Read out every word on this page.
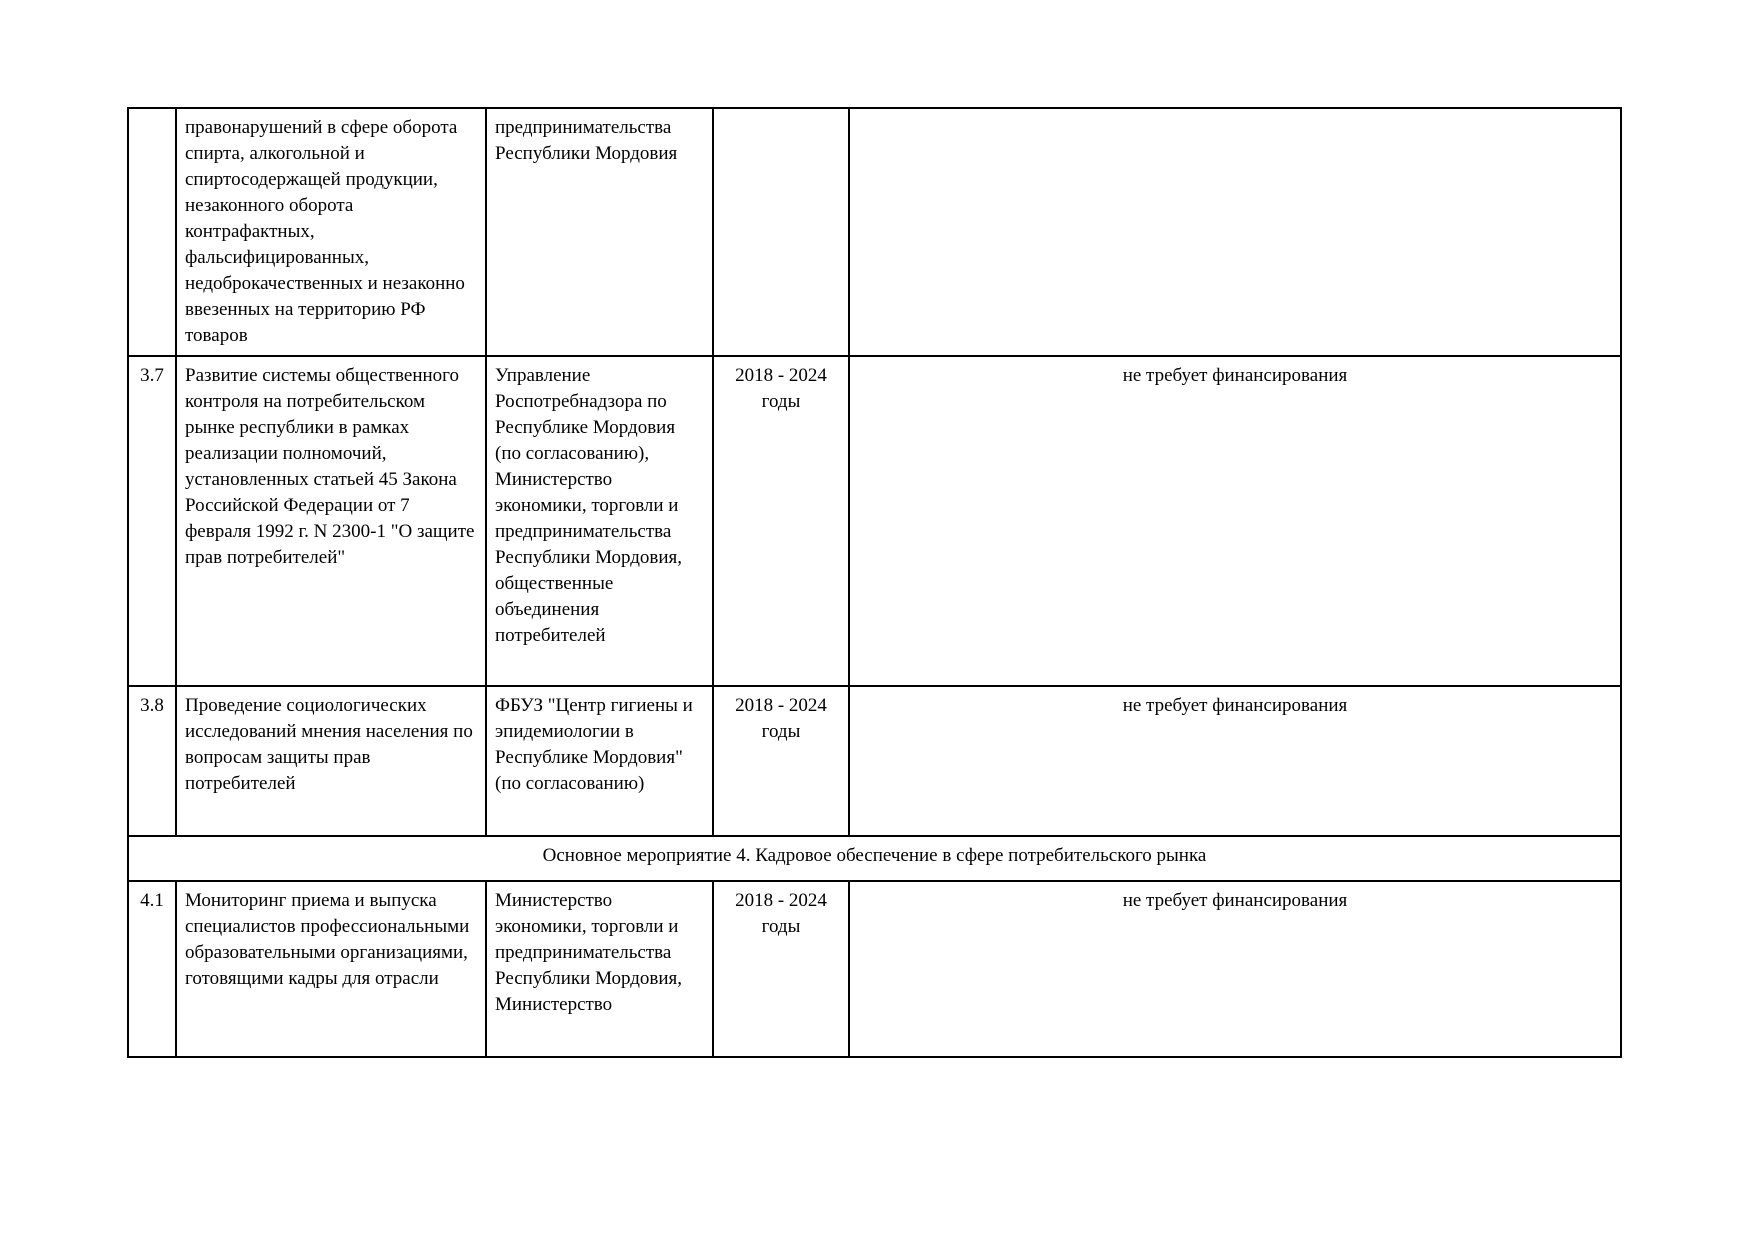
	правонарушений в сфере оборота спирта, алкогольной и спиртосодержащей продукции, незаконного оборота контрафактных, фальсифицированных, недоброкачественных и незаконно ввезенных на территорию РФ товаров	предпринимательства Республики Мордовия		
3.7	Развитие системы общественного контроля на потребительском рынке республики в рамках реализации полномочий, установленных статьей 45 Закона Российской Федерации от 7 февраля 1992 г. N 2300-1 "О защите прав потребителей"	Управление Роспотребнадзора по Республике Мордовия (по согласованию), Министерство экономики, торговли и предпринимательства Республики Мордовия, общественные объединения потребителей	2018 - 2024 годы	не требует финансирования
3.8	Проведение социологических исследований мнения населения по вопросам защиты прав потребителей	ФБУЗ "Центр гигиены и эпидемиологии в Республике Мордовия" (по согласованию)	2018 - 2024 годы	не требует финансирования
Основное мероприятие 4. Кадровое обеспечение в сфере потребительского рынка				
4.1	Мониторинг приема и выпуска специалистов профессиональными образовательными организациями, готовящими кадры для отрасли	Министерство экономики, торговли и предпринимательства Республики Мордовия, Министерство	2018 - 2024 годы	не требует финансирования
